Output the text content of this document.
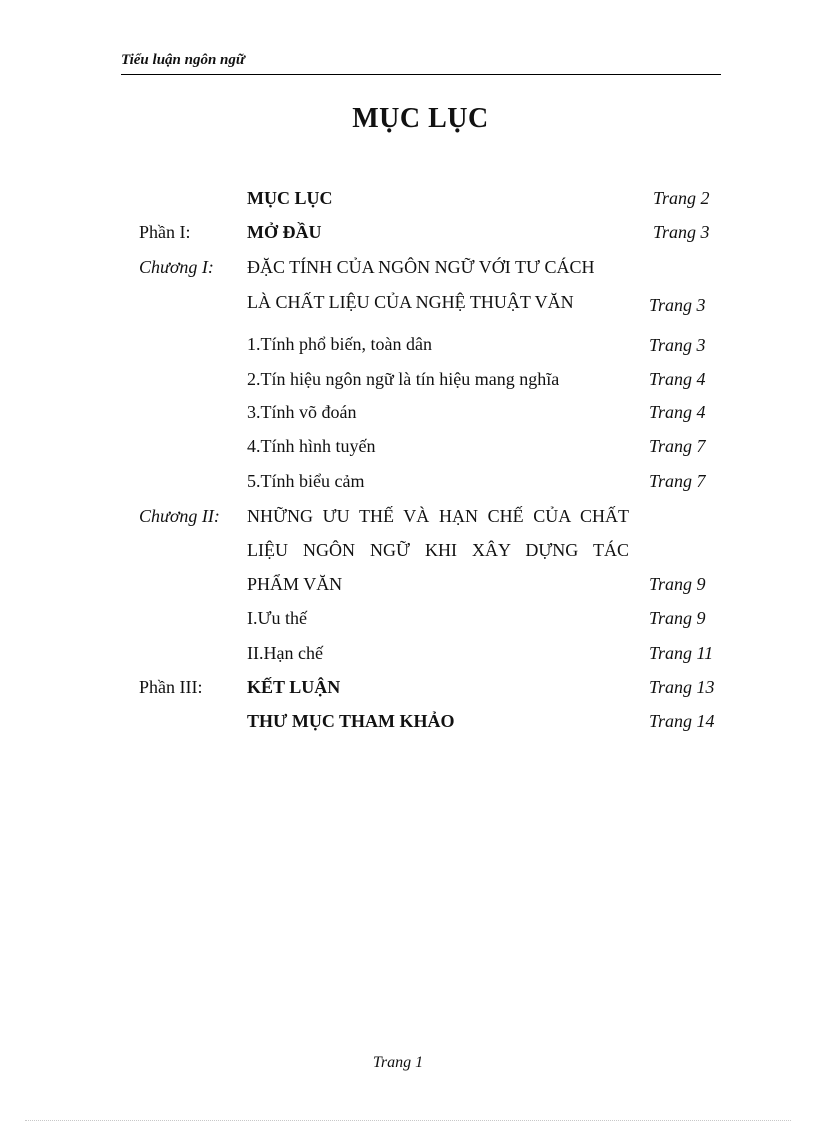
Tiểu luận ngôn ngữ
MỤC LỤC
MỤC LỤC	Trang 2
Phần I:	MỞ ĐẦU	Trang 3
Chương I: ĐẶC TÍNH CỦA NGÔN NGỮ VỚI TƯ CÁCH
LÀ CHẤT LIỆU CỦA NGHỆ THUẬT VĂN	Trang 3
1.Tính phổ biến, toàn dân	Trang 3
2.Tín hiệu ngôn ngữ là tín hiệu mang nghĩa	Trang 4
3.Tính võ đoán	Trang 4
4.Tính hình tuyến	Trang 7
5.Tính biểu cảm	Trang 7
Chương II: NHỮNG ƯU THẾ VÀ HẠN CHẾ CỦA CHẤT
LIỆU NGÔN NGỮ KHI XÂY DỰNG TÁC
PHẨM VĂN	Trang 9
I.Ưu thế	Trang 9
II.Hạn chế	Trang 11
Phần III: KẾT LUẬN	Trang 13
THƯ MỤC THAM KHẢO	Trang 14
Trang 1
